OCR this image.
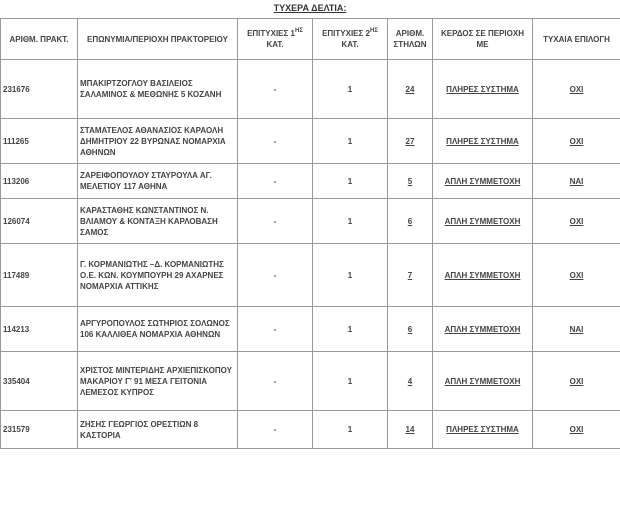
ΤΥΧΕΡΑ ΔΕΛΤΙΑ:
ΑΡΙΘΜ. ΠΡΑΚΤ.	ΕΠΩΝΥΜΙΑ/ΠΕΡΙΟΧΗ ΠΡΑΚΤΟΡΕΙΟΥ	ΕΠΙΤΥΧΙΕΣ $1^{H\Sigma}$ ΚΑΤ.	ΕΠΙΤΥΧΙΕΣ $2^{H\Sigma}$ ΚΑΤ.	ΑΡΙΘΜ. ΣΤΗΛΩΝ	ΚΕΡΔΟΣ ΣΕ ΠΕΡΙΟΧΗ ΜΕ	ΤΥΧΑΙΑ ΕΠΙΛΟΓΗ
231676	ΜΠΑΚΙΡΤΖΟΓΛΟΥ ΒΑΣΙΛΕΙΟΣ ΣΑΛΑΜΙΝΟΣ & ΜΕΘΩΝΗΣ 5 ΚΟΖΑΝΗ	-	1	24	ΠΛΗΡΕΣ ΣΥΣΤΗΜΑ	ΟΧΙ
111265	ΣΤΑΜΑΤΕΛΟΣ ΑΘΑΝΑΣΙΟΣ ΚΑΡΑΟΛΗ ΔΗΜΗΤΡΙΟΥ 22 ΒΥΡΩΝΑΣ ΝΟΜΑΡΧΙΑ ΑΘΗΝΩΝ	-	1	27	ΠΛΗΡΕΣ ΣΥΣΤΗΜΑ	ΟΧΙ
113206	ΖΑΡΕΙΦΟΠΟΥΛΟΥ ΣΤΑΥΡΟΥΛΑ ΑΓ. ΜΕΛΕΤΙΟΥ 117 ΑΘΗΝΑ	-	1	5	ΑΠΛΗ ΣΥΜΜΕΤΟΧΗ	ΝΑΙ
126074	ΚΑΡΑΣΤΑΘΗΣ ΚΩΝΣΤΑΝΤΙΝΟΣ Ν. ΒΛΙΑΜΟΥ & ΚΟΝΤΑΞΗ ΚΑΡΛΟΒΑΣΗ ΣΑΜΟΣ	-	1	6	ΑΠΛΗ ΣΥΜΜΕΤΟΧΗ	ΟΧΙ
117489	Γ. ΚΟΡΜΑΝΙΩΤΗΣ –Δ. ΚΟΡΜΑΝΙΩΤΗΣ Ο.Ε. ΚΩΝ. ΚΟΥΜΠΟΥΡΗ 29 ΑΧΑΡΝΕΣ ΝΟΜΑΡΧΙΑ ΑΤΤΙΚΗΣ	-	1	7	ΑΠΛΗ ΣΥΜΜΕΤΟΧΗ	ΟΧΙ
114213	ΑΡΓΥΡΟΠΟΥΛΟΣ ΣΩΤΗΡΙΟΣ ΣΟΛΩΝΟΣ 106 ΚΑΛΛΙΘΕΑ ΝΟΜΑΡΧΙΑ ΑΘΗΝΩΝ	-	1	6	ΑΠΛΗ ΣΥΜΜΕΤΟΧΗ	ΝΑΙ
335404	ΧΡΙΣΤΟΣ ΜΙΝΤΕΡΙΔΗΣ ΑΡΧΙΕΠΙΣΚΟΠΟΥ ΜΑΚΑΡΙΟΥ Γ' 91 ΜΕΣΑ ΓΕΙΤΟΝΙΑ ΛΕΜΕΣΟΣ ΚΥΠΡΟΣ	-	1	4	ΑΠΛΗ ΣΥΜΜΕΤΟΧΗ	ΟΧΙ
231579	ΖΗΣΗΣ ΓΕΩΡΓΙΟΣ ΟΡΕΣΤΙΩΝ 8 ΚΑΣΤΟΡΙΑ	-	1	14	ΠΛΗΡΕΣ ΣΥΣΤΗΜΑ	ΟΧΙ
